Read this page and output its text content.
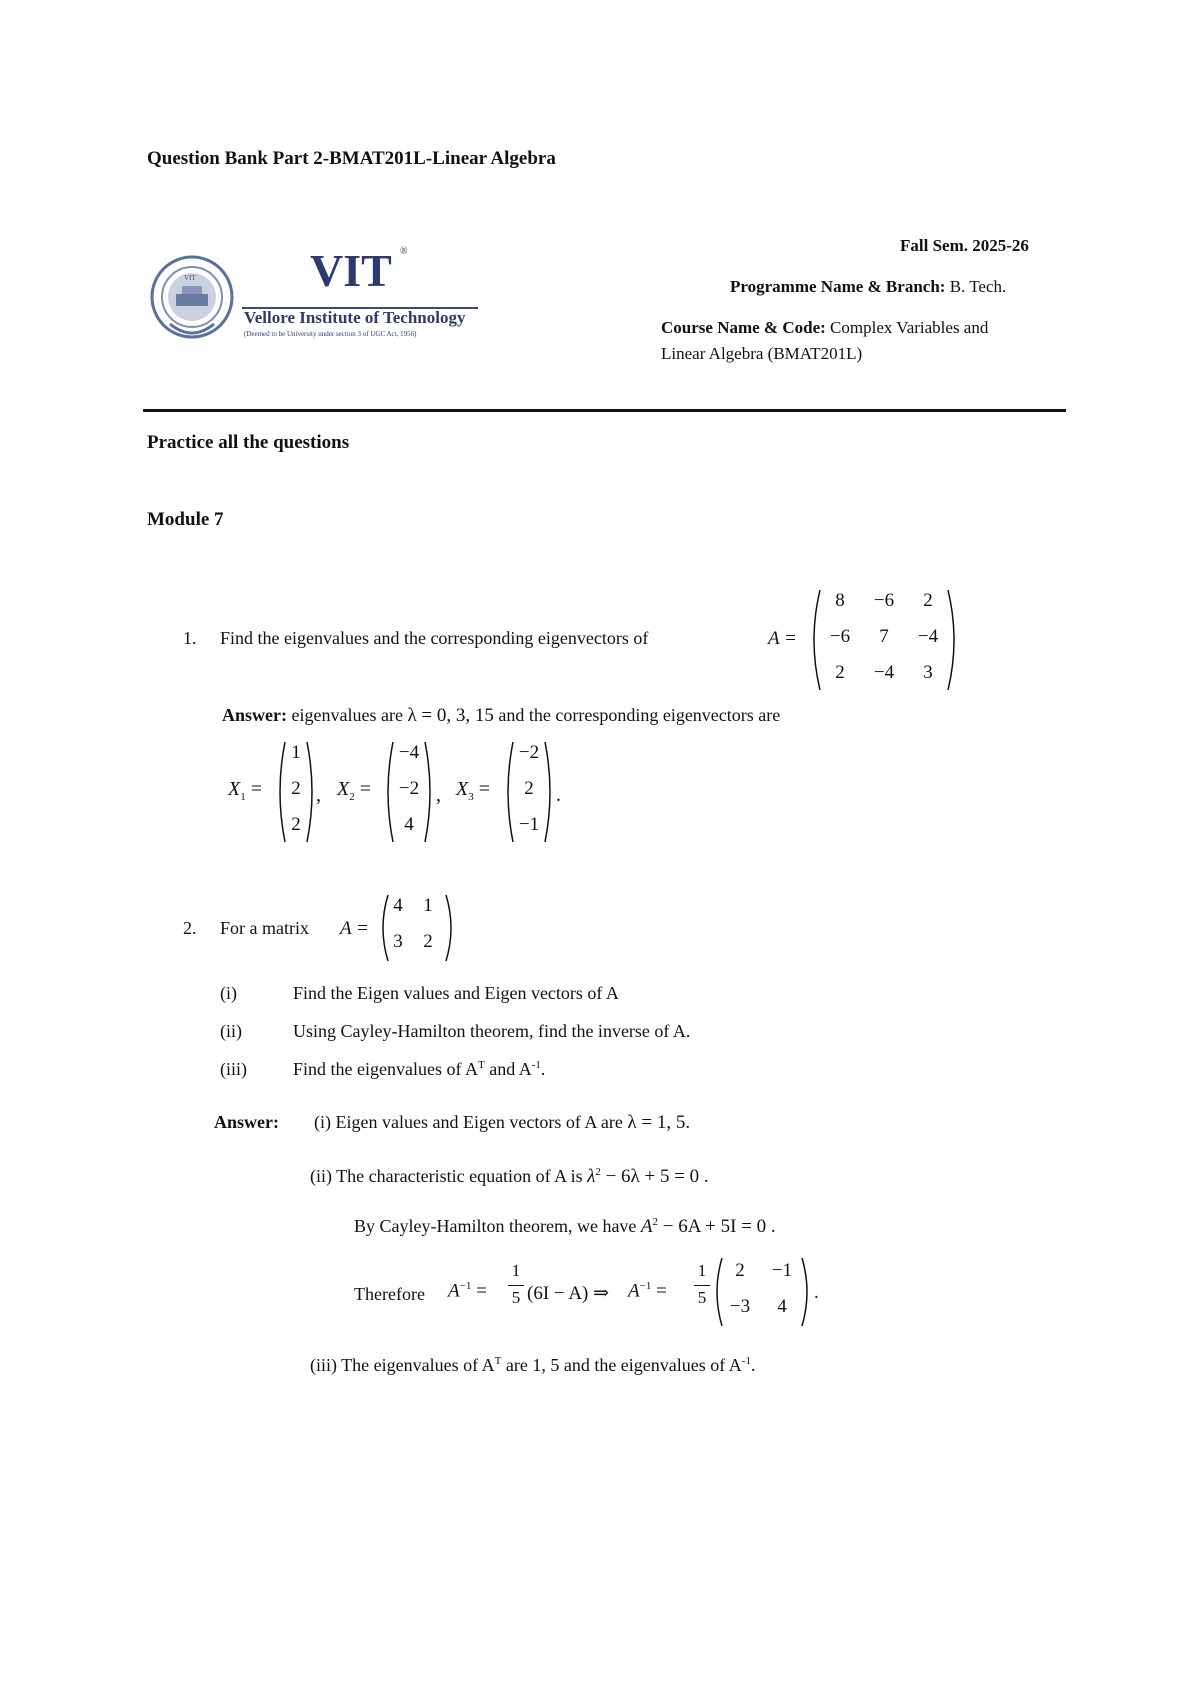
Question Bank Part 2-BMAT201L-Linear Algebra
VIT VIT ®
Vellore Institute of Technology
(Deemed to be University under section 3 of UGC Act, 1956)
Fall Sem. 2025-26
Programme Name & Branch: B. Tech.
Course Name & Code: Complex Variables and
Linear Algebra (BMAT201L)
Practice all the questions
Module 7
1. Find the eigenvalues and the corresponding eigenvectors of	A =
8	−6	2
−6	7	−4
2	−4	3
Answer: eigenvalues are λ = 0, 3, 15 and the corresponding eigenvectors are
$X_1$ =
1
2
2
, $X_2$ =
−4
−2
4
, $X_3$ =
−2
2
−1
.
2. For a matrix A =
4	1
3	2
(i)	Find the Eigen values and Eigen vectors of A
(ii)	Using Cayley-Hamilton theorem, find the inverse of A.
(iii)	Find the eigenvalues of $A^T$ and $A^{-1}$.
Answer: (i) Eigen values and Eigen vectors of A are λ = 1, 5.
(ii) The characteristic equation of A is $\lambda^2 - 6\lambda + 5 = 0$ .
By Cayley-Hamilton theorem, we have $A^2 - 6A + 5I = 0$ .
Therefore $A^{-1}$ =
1
5 (6I − A) ⇒ $A^{-1}$ =
1
5
2	−1
−3	4
.
(iii) The eigenvalues of $A^T$ are 1, 5 and the eigenvalues of $A^{-1}$.
